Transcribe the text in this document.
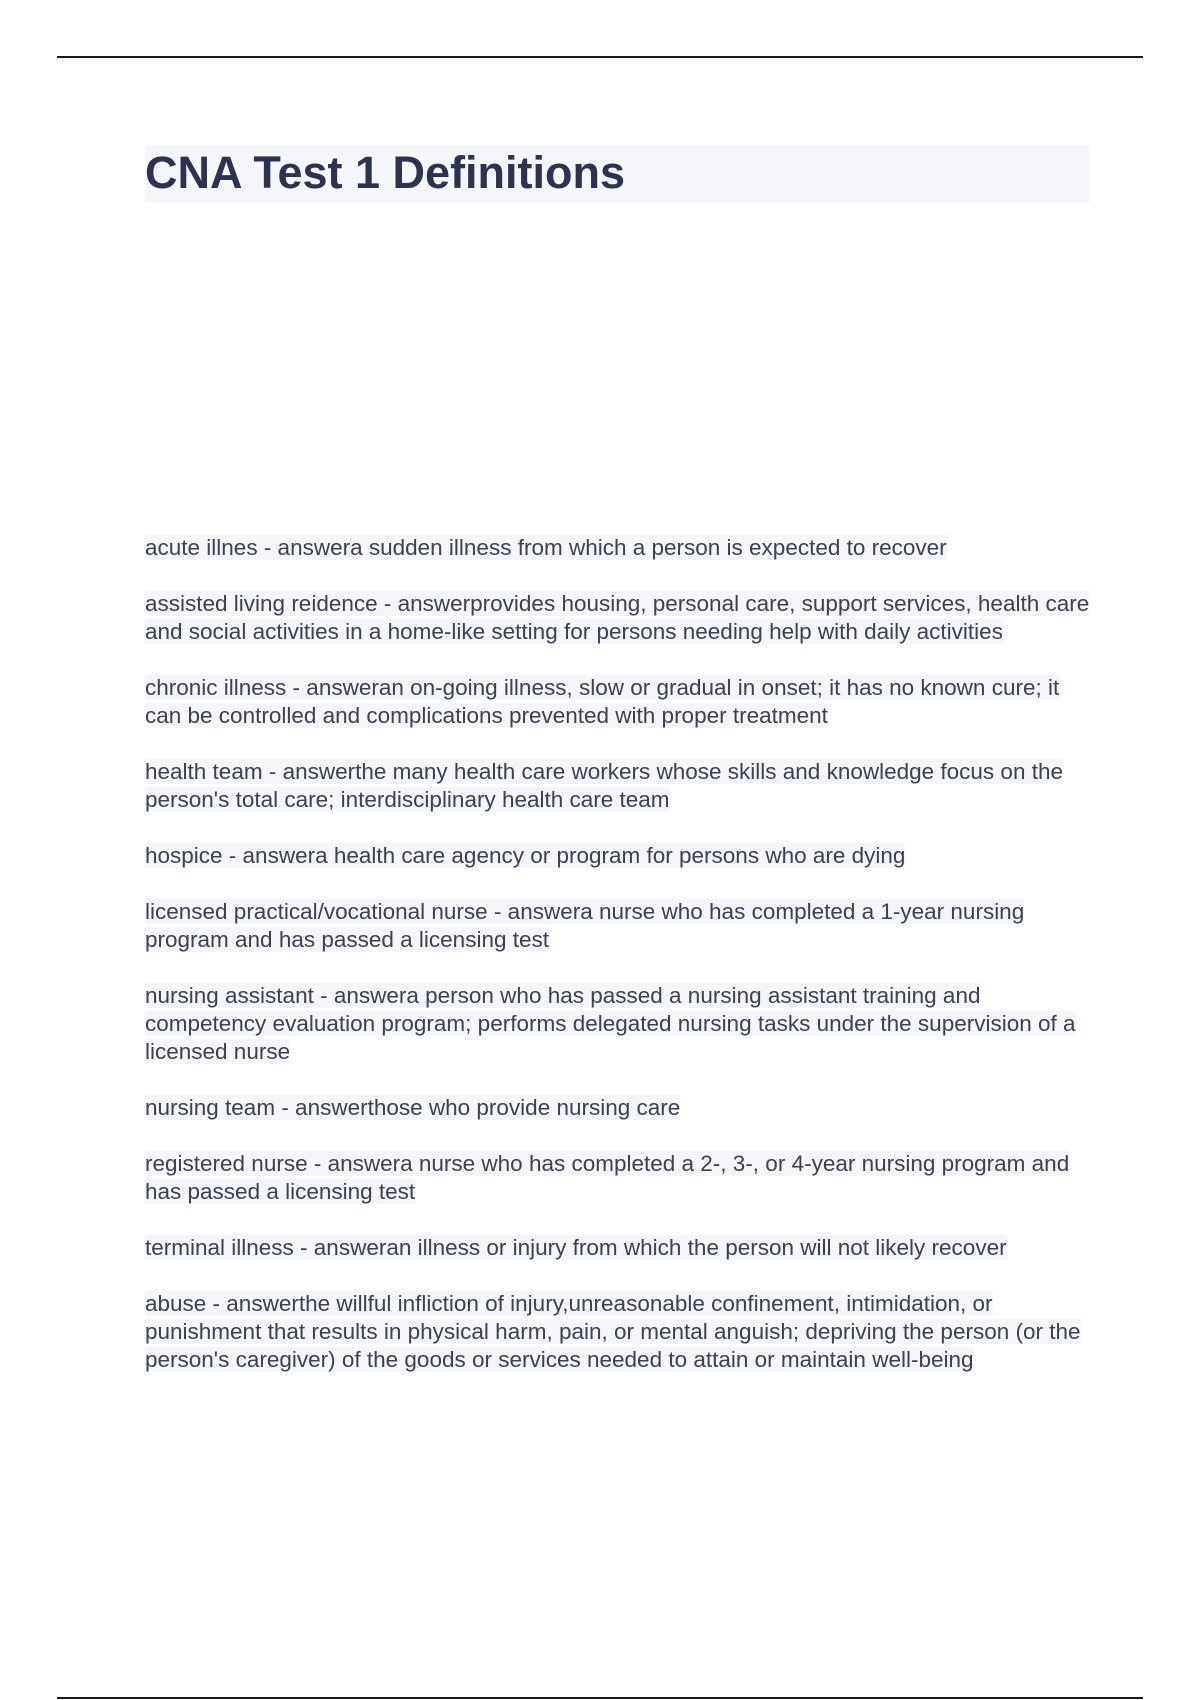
CNA Test 1 Definitions
acute illnes - answera sudden illness from which a person is expected to recover
assisted living reidence - answerprovides housing, personal care, support services, health care and social activities in a home-like setting for persons needing help with daily activities
chronic illness - answeran on-going illness, slow or gradual in onset; it has no known cure; it can be controlled and complications prevented with proper treatment
health team - answerthe many health care workers whose skills and knowledge focus on the person's total care; interdisciplinary health care team
hospice - answera health care agency or program for persons who are dying
licensed practical/vocational nurse - answera nurse who has completed a 1-year nursing program and has passed a licensing test
nursing assistant - answera person who has passed a nursing assistant training and competency evaluation program; performs delegated nursing tasks under the supervision of a licensed nurse
nursing team - answerthose who provide nursing care
registered nurse - answera nurse who has completed a 2-, 3-, or 4-year nursing program and has passed a licensing test
terminal illness - answeran illness or injury from which the person will not likely recover
abuse - answerthe willful infliction of injury,unreasonable confinement, intimidation, or punishment that results in physical harm, pain, or mental anguish; depriving the person (or the person's caregiver) of the goods or services needed to attain or maintain well-being
